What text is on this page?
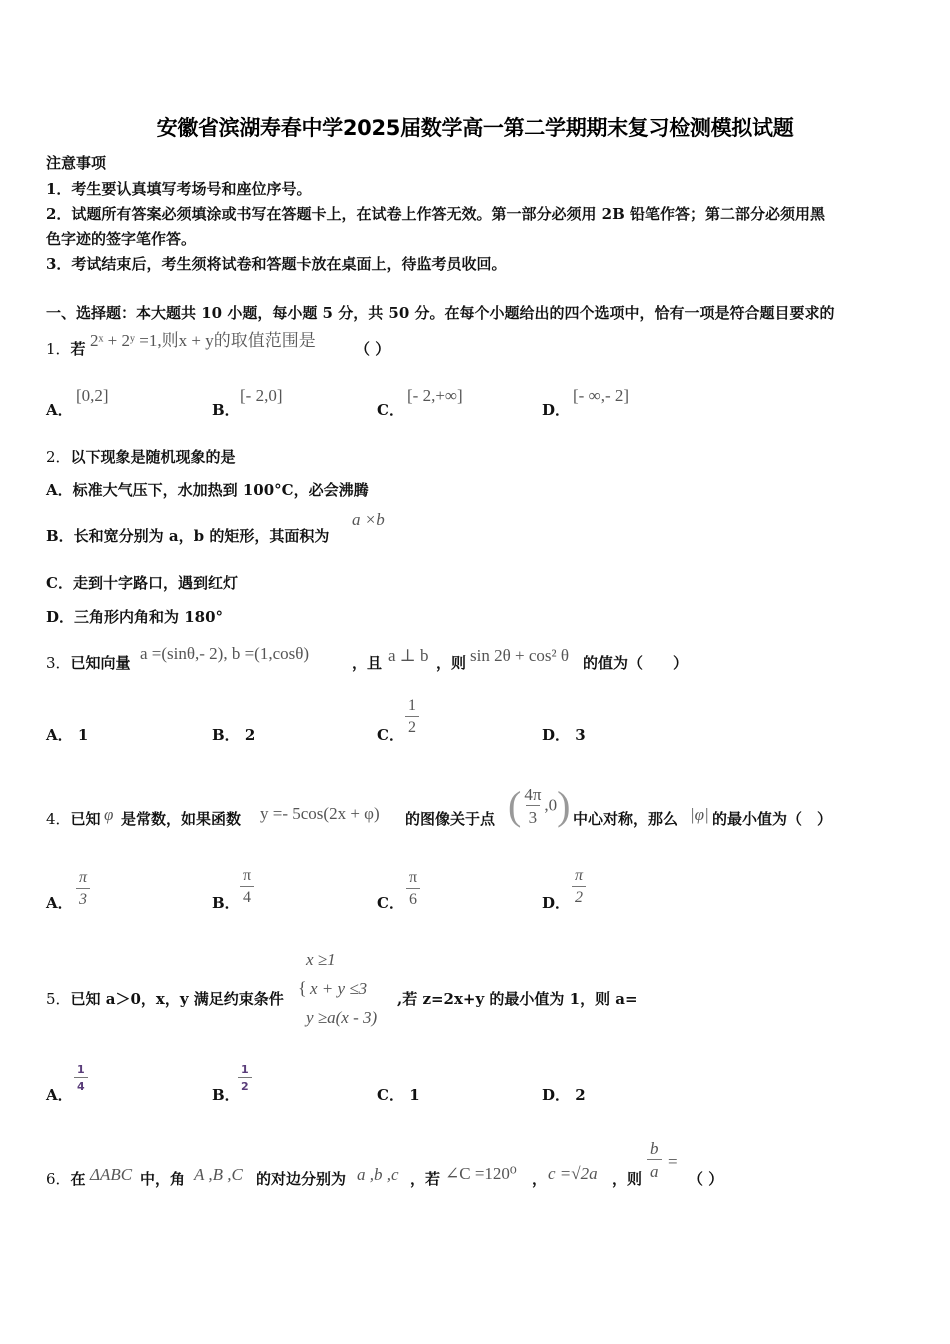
安徽省滨湖寿春中学2025届数学高一第二学期期末复习检测模拟试题
注意事项
1．考生要认真填写考场号和座位序号。
2．试题所有答案必须填涂或书写在答题卡上，在试卷上作答无效。第一部分必须用 2B 铅笔作答；第二部分必须用黑
色字迹的签字笔作答。
3．考试结束后，考生须将试卷和答题卡放在桌面上，待监考员收回。
一、选择题：本大题共 10 小题，每小题 5 分，共 50 分。在每个小题给出的四个选项中，恰有一项是符合题目要求的
1．若 2ˣ + 2ʸ =1,则x + y的取值范围是	（ ）
A．
[0,2]
B．
[- 2,0]
C．
[- 2,+∞]
D．
[- ∞,- 2]
2．以下现象是随机现象的是
A．标准大气压下，水加热到 100°C，必会沸腾
B．长和宽分别为 a，b 的矩形，其面积为
a ×b
C．走到十字路口，遇到红灯
D．三角形内角和为 180°
3．已知向量 a =(sinθ,- 2), b =(1,cosθ)	，且 a ⊥ b ，则 sin 2θ + cos² θ 的值为（　　）
A． 1	B． 2	C． $\frac{1}{2}$	D． 3
4．已知 φ 是常数，如果函数 y =- 5cos(2x + φ) 的图像关于点 ( $\frac{4\pi}{3} ,0$) 中心对称，那么 |φ| 的最小值为（　）
A． $\frac{\pi}{3}$	B． $\frac{\pi}{4}$	C． $\frac{\pi}{6}$	D． $\frac{\pi}{2}$
x ≥1
5．已知 a＞0，x，y 满足约束条件
{ x + y ≤3
,若 z=2x+y 的最小值为 1，则 a=
y ≥a(x - 3)
A．
$\frac{1}{4}$
B．
$\frac{1}{2}$
C． 1	D． 2
6．在 ΔABC 中，角 A ,B ,C 的对边分别为 a ,b ,c ，若 ∠C =120⁰ ， c =√2a ，则 $\frac{b}{a}$ =
（ ）
